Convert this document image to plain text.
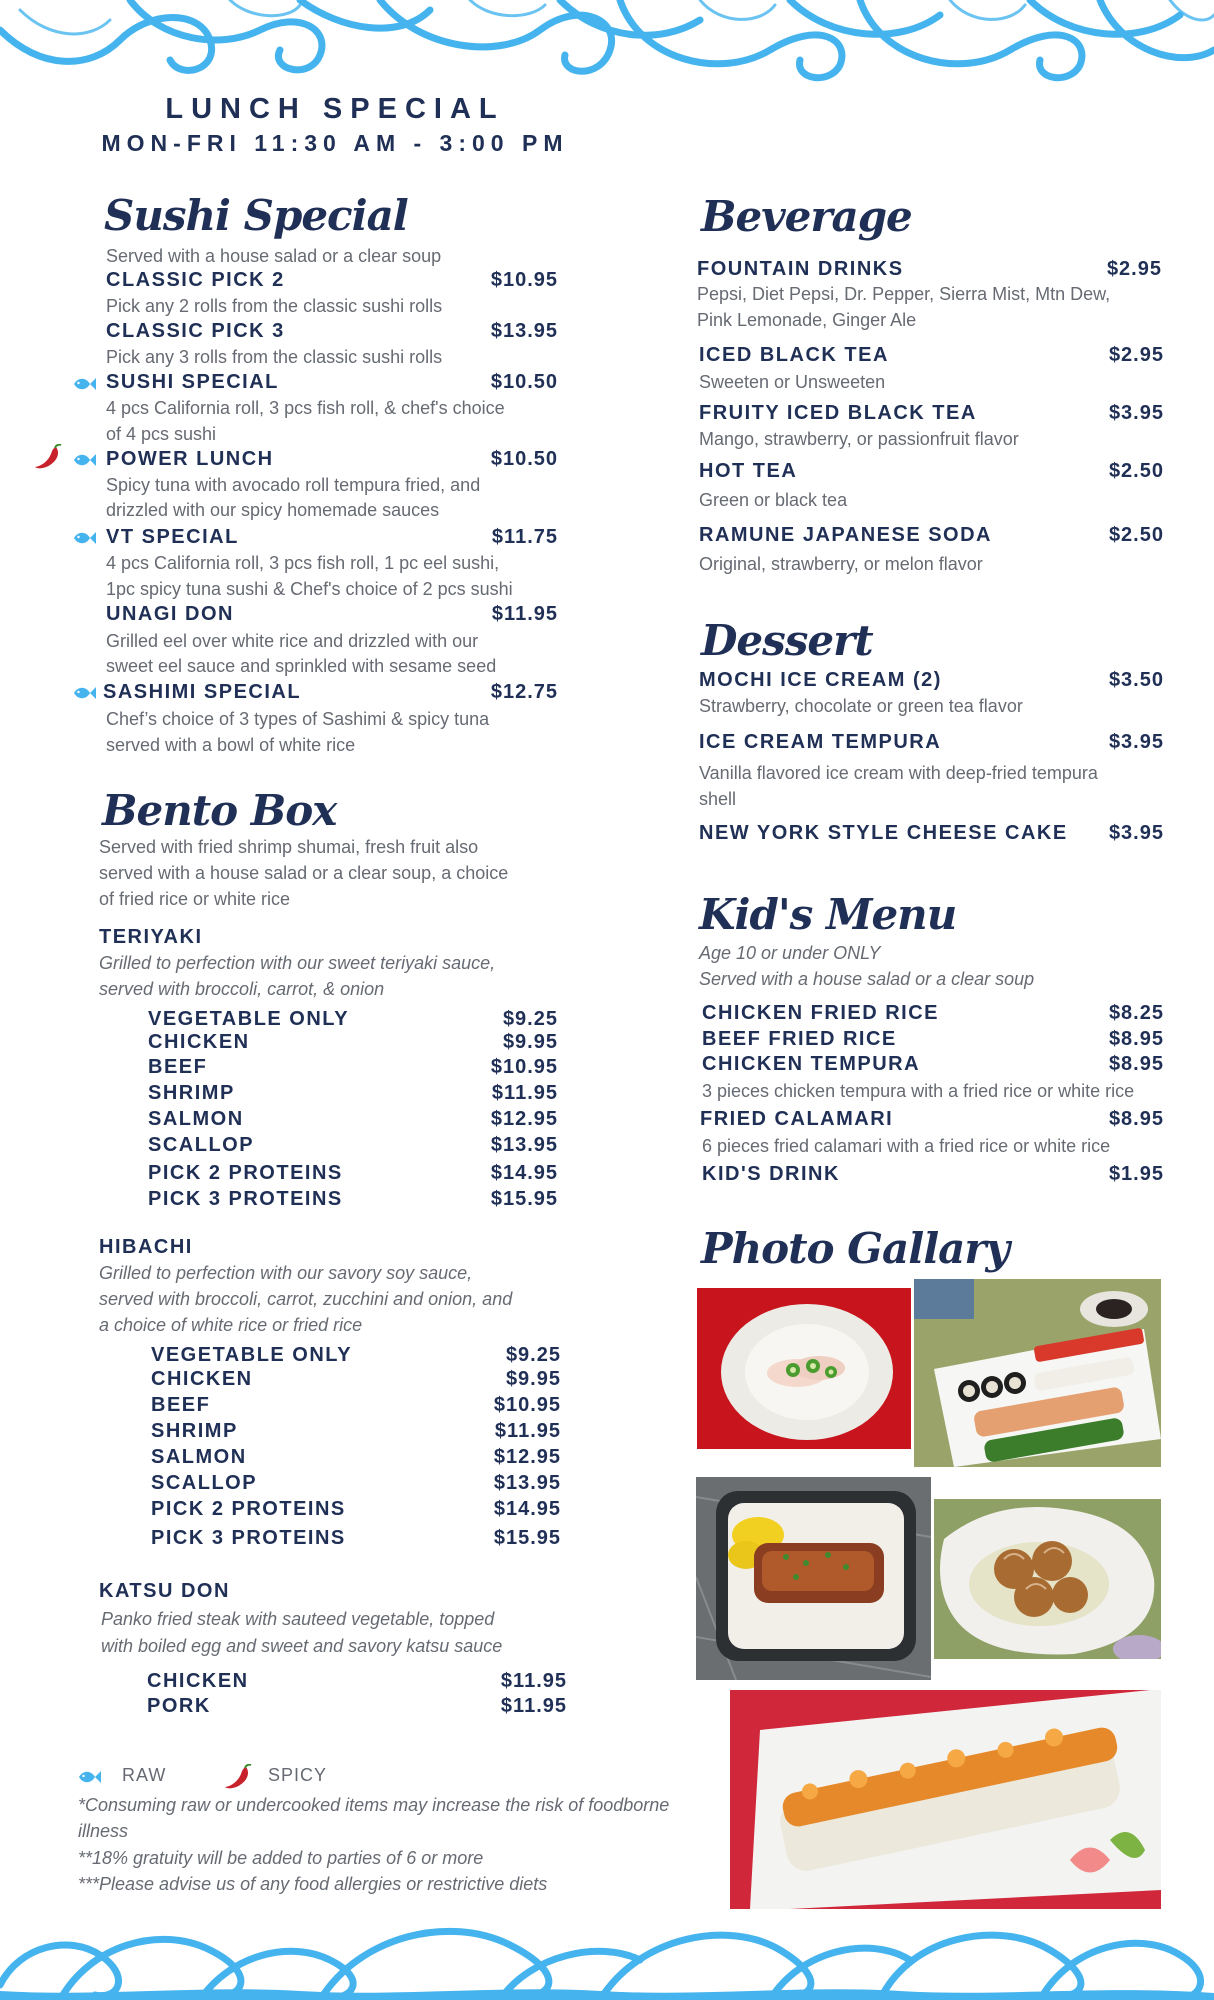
LUNCH SPECIAL
MON-FRI 11:30 AM - 3:00 PM
Sushi Special
Served with a house salad or a clear soup
CLASSIC PICK 2	$10.95
Pick any 2 rolls from the classic sushi rolls
CLASSIC PICK 3	$13.95
Pick any 3 rolls from the classic sushi rolls
SUSHI SPECIAL	$10.50
4 pcs California roll, 3 pcs fish roll, & chef's choice
of 4 pcs sushi
POWER LUNCH	$10.50
Spicy tuna with avocado roll tempura fried, and
drizzled with our spicy homemade sauces
VT SPECIAL	$11.75
4 pcs California roll, 3 pcs fish roll, 1 pc eel sushi,
1pc spicy tuna sushi & Chef's choice of 2 pcs sushi
UNAGI DON	$11.95
Grilled eel over white rice and drizzled with our
sweet eel sauce and sprinkled with sesame seed
SASHIMI SPECIAL	$12.75
Chef’s choice of 3 types of Sashimi & spicy tuna
served with a bowl of white rice
Bento Box
Served with fried shrimp shumai, fresh fruit also
served with a house salad or a clear soup, a choice
of fried rice or white rice
TERIYAKI
Grilled to perfection with our sweet teriyaki sauce,
served with broccoli, carrot, & onion
VEGETABLE ONLY	$9.25
CHICKEN	$9.95
BEEF	$10.95
SHRIMP	$11.95
SALMON	$12.95
SCALLOP	$13.95
PICK 2 PROTEINS	$14.95
PICK 3 PROTEINS	$15.95
HIBACHI
Grilled to perfection with our savory soy sauce,
served with broccoli, carrot, zucchini and onion, and
a choice of white rice or fried rice
VEGETABLE ONLY	$9.25
CHICKEN	$9.95
BEEF	$10.95
SHRIMP	$11.95
SALMON	$12.95
SCALLOP	$13.95
PICK 2 PROTEINS	$14.95
PICK 3 PROTEINS	$15.95
KATSU DON
Panko fried steak with sauteed vegetable, topped
with boiled egg and sweet and savory katsu sauce
CHICKEN	$11.95
PORK	$11.95
RAW	SPICY
*Consuming raw or undercooked items may increase the risk of foodborne
illness
**18% gratuity will be added to parties of 6 or more
***Please advise us of any food allergies or restrictive diets
Beverage
FOUNTAIN DRINKS	$2.95
Pepsi, Diet Pepsi, Dr. Pepper, Sierra Mist, Mtn Dew,
Pink Lemonade, Ginger Ale
ICED BLACK TEA	$2.95
Sweeten or Unsweeten
FRUITY ICED BLACK TEA	$3.95
Mango, strawberry, or passionfruit flavor
HOT TEA	$2.50
Green or black tea
RAMUNE JAPANESE SODA	$2.50
Original, strawberry, or melon flavor
Dessert
MOCHI ICE CREAM (2)	$3.50
Strawberry, chocolate or green tea flavor
ICE CREAM TEMPURA	$3.95
Vanilla flavored ice cream with deep-fried tempura
shell
NEW YORK STYLE CHEESE CAKE $3.95
Kid's Menu
Age 10 or under ONLY
Served with a house salad or a clear soup
CHICKEN FRIED RICE	$8.25
BEEF FRIED RICE	$8.95
CHICKEN TEMPURA	$8.95
3 pieces chicken tempura with a fried rice or white rice
FRIED CALAMARI	$8.95
6 pieces fried calamari with a fried rice or white rice
KID'S DRINK	$1.95
Photo Gallary
